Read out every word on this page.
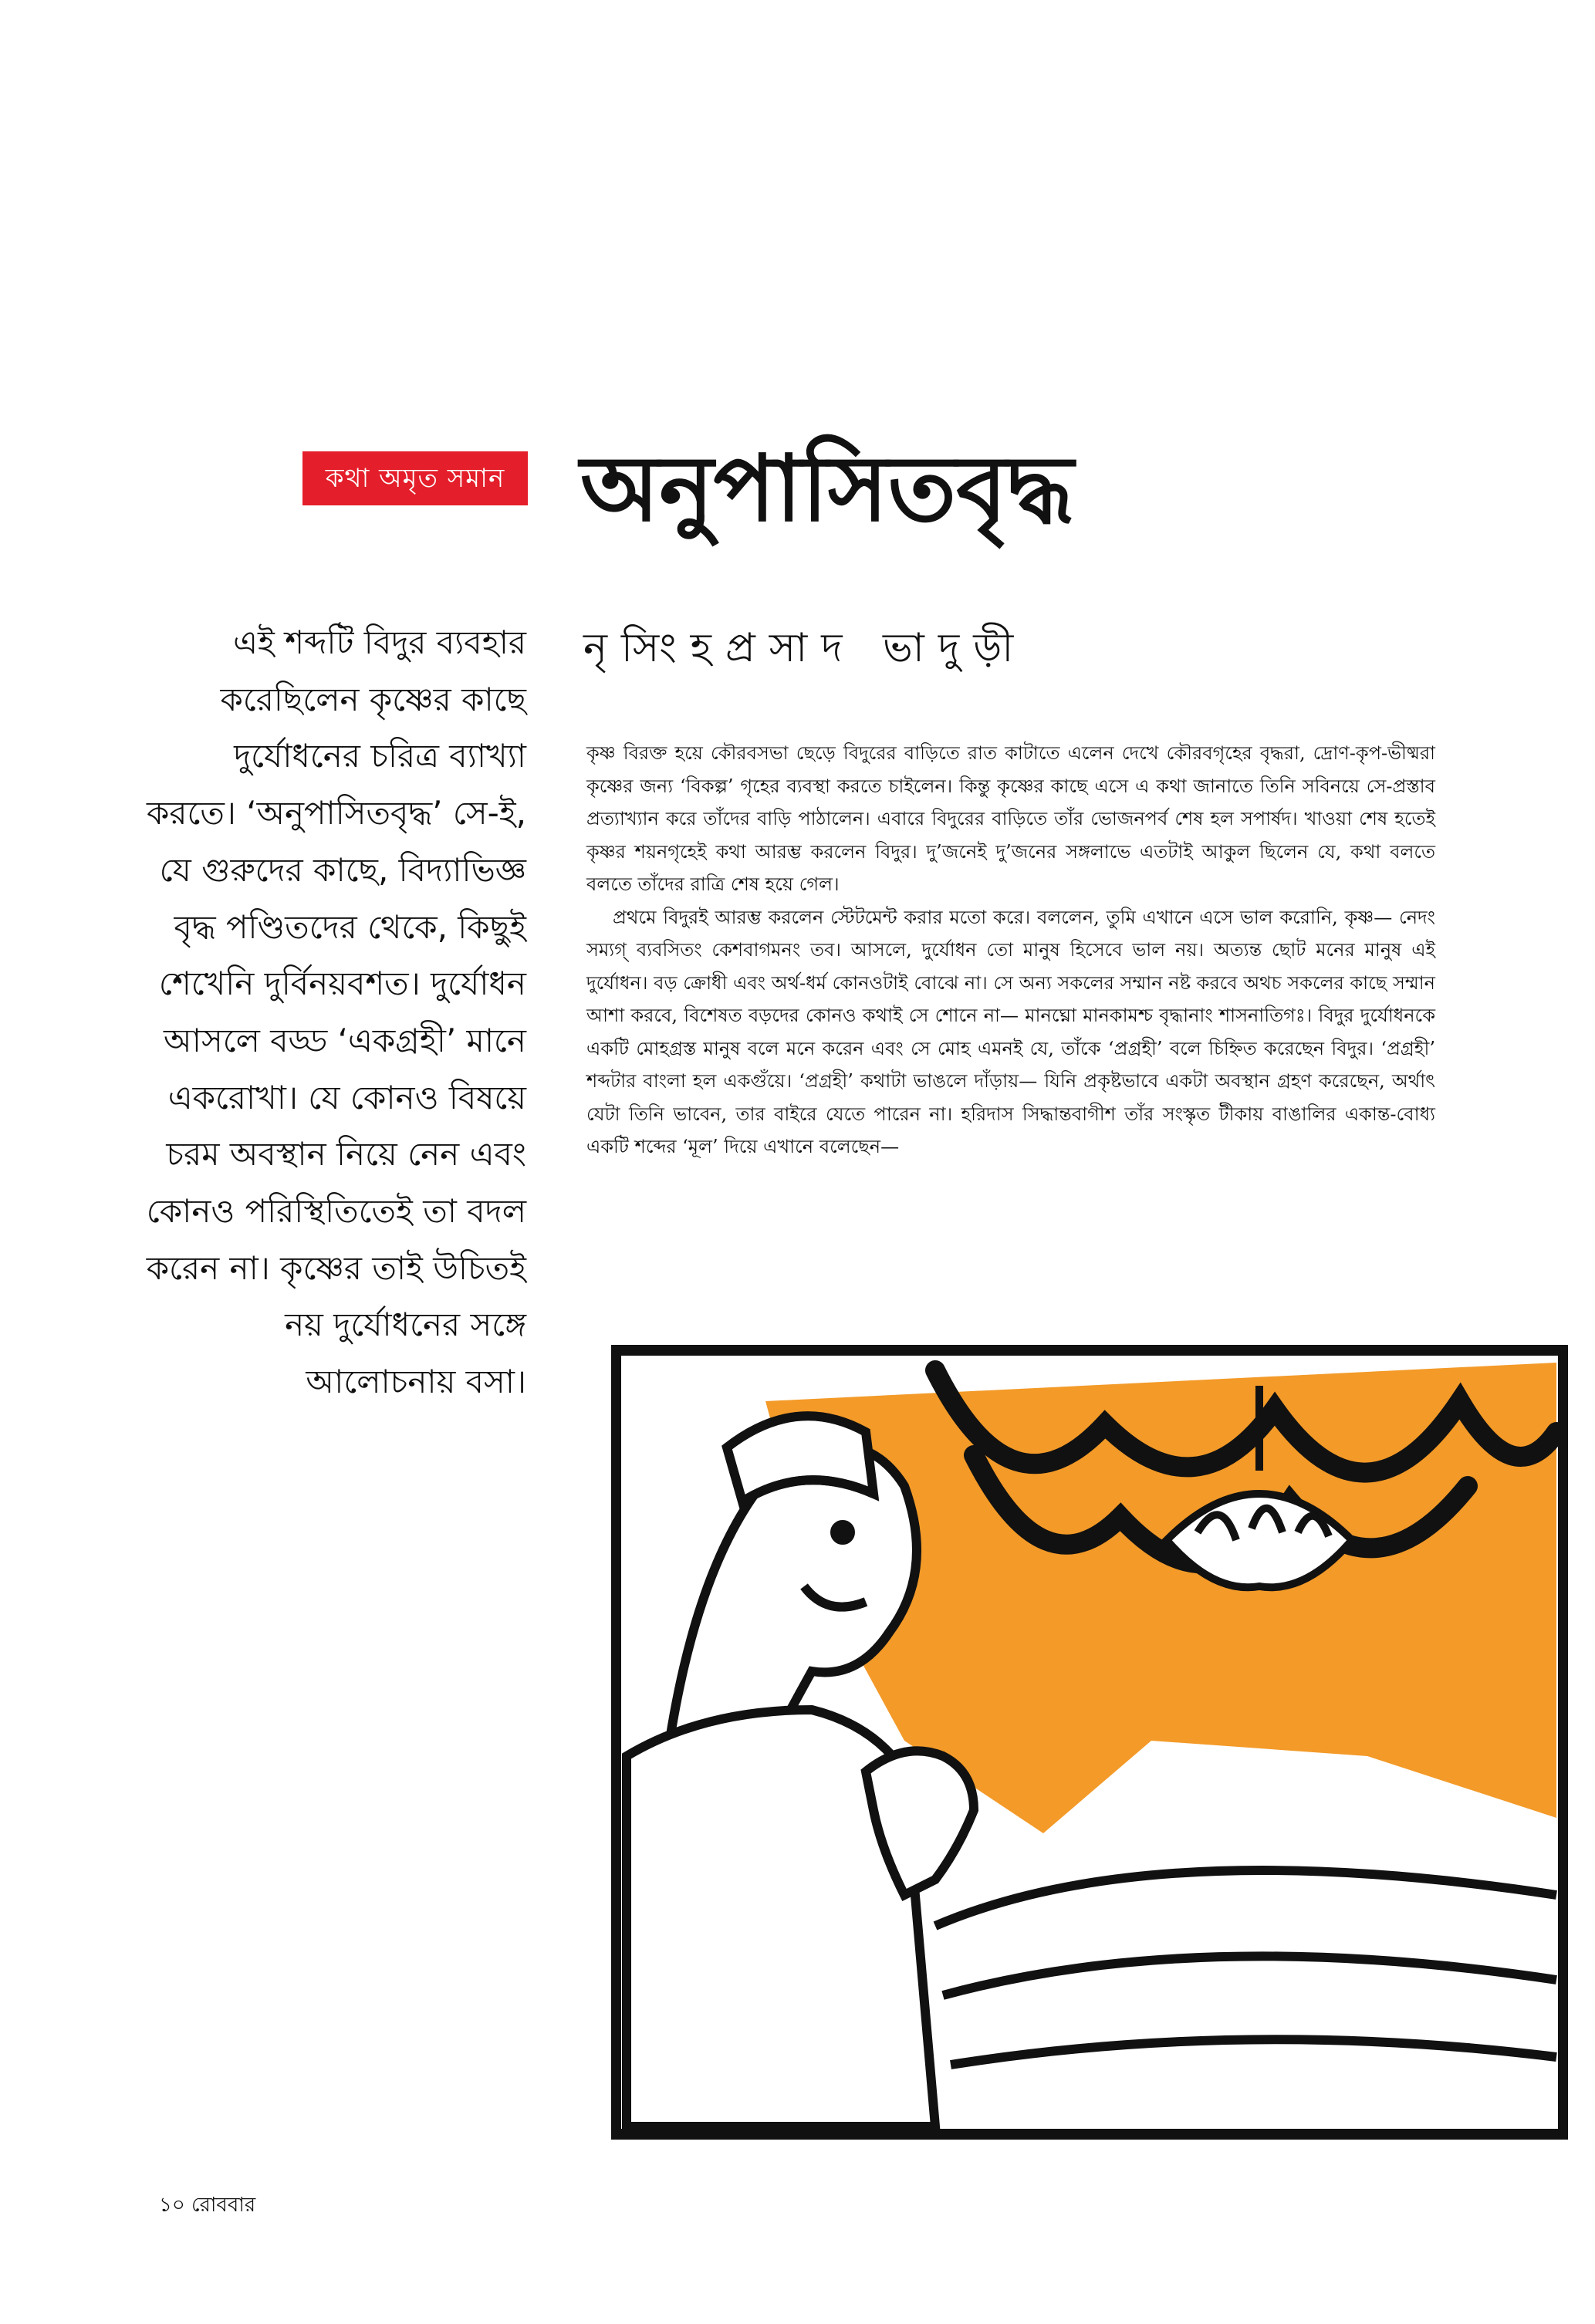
কথা অমৃত সমান অনুপাসিতবৃদ্ধ
নৃসিংহপ্রসাদ ভাদুড়ী
এই শব্দটি বিদুর ব্যবহার করেছিলেন কৃষ্ণের কাছে দুর্যোধনের চরিত্র ব্যাখ্যা করতে। ‘অনুপাসিতবৃদ্ধ’ সে-ই, যে গুরুদের কাছে, বিদ্যাভিজ্ঞ বৃদ্ধ পণ্ডিতদের থেকে, কিছুই শেখেনি দুর্বিনয়বশত। দুর্যোধন আসলে বড্ড ‘একগ্রহী’ মানে একরোখা। যে কোনও বিষয়ে চরম অবস্থান নিয়ে নেন এবং কোনও পরিস্থিতিতেই তা বদল করেন না। কৃষ্ণের তাই উচিতই নয় দুর্যোধনের সঙ্গে আলোচনায় বসা।

কৃষ্ণ বিরক্ত হয়ে কৌরবসভা ছেড়ে বিদুরের বাড়িতে রাত কাটাতে এলেন দেখে কৌরবগৃহের বৃদ্ধরা, দ্রোণ-কৃপ-ভীষ্মরা কৃষ্ণের জন্য ‘বিকল্প’ গৃহের ব্যবস্থা করতে চাইলেন। কিন্তু কৃষ্ণের কাছে এসে এ কথা জানাতে তিনি সবিনয়ে সে-প্রস্তাব প্রত্যাখ্যান করে তাঁদের বাড়ি পাঠালেন। এবারে বিদুরের বাড়িতে তাঁর ভোজনপর্ব শেষ হল সপার্ষদ। খাওয়া শেষ হতেই কৃষ্ণর শয়নগৃহেই কথা আরম্ভ করলেন বিদুর। দু’জনেই দু’জনের সঙ্গলাভে এতটাই আকুল ছিলেন যে, কথা বলতে বলতে তাঁদের রাত্রি শেষ হয়ে গেল।

প্রথমে বিদুরই আরম্ভ করলেন স্টেটমেন্ট করার মতো করে। বললেন, তুমি এখানে এসে ভাল করোনি, কৃষ্ণ— নেদং সম্যগ্‌ ব্যবসিতং কেশবাগমনং তব। আসলে, দুর্যোধন তো মানুষ হিসেবে ভাল নয়। অত্যন্ত ছোট মনের মানুষ এই দুর্যোধন। বড় ক্রোধী এবং অর্থ-ধর্ম কোনওটাই বোঝে না। সে অন্য সকলের সম্মান নষ্ট করবে অথচ সকলের কাছে সম্মান আশা করবে, বিশেষত বড়দের কোনও কথাই সে শোনে না— মানঘ্নো মানকামশ্চ বৃদ্ধানাং শাসনাতিগঃ। বিদুর দুর্যোধনকে একটি মোহগ্রস্ত মানুষ বলে মনে করেন এবং সে মোহ এমনই যে, তাঁকে ‘প্রগ্রহী’ বলে চিহ্নিত করেছেন বিদুর। ‘প্রগ্রহী’ শব্দটার বাংলা হল একগুঁয়ে। ‘প্রগ্রহী’ কথাটা ভাঙলে দাঁড়ায়— যিনি প্রকৃষ্টভাবে একটা অবস্থান গ্রহণ করেছেন, অর্থাৎ যেটা তিনি ভাবেন, তার বাইরে যেতে পারেন না। হরিদাস সিদ্ধান্তবাগীশ তাঁর সংস্কৃত টীকায় বাঙালির একান্ত-বোধ্য একটি শব্দের ‘মূল’ দিয়ে এখানে বলেছেন—

১০ রোববার
